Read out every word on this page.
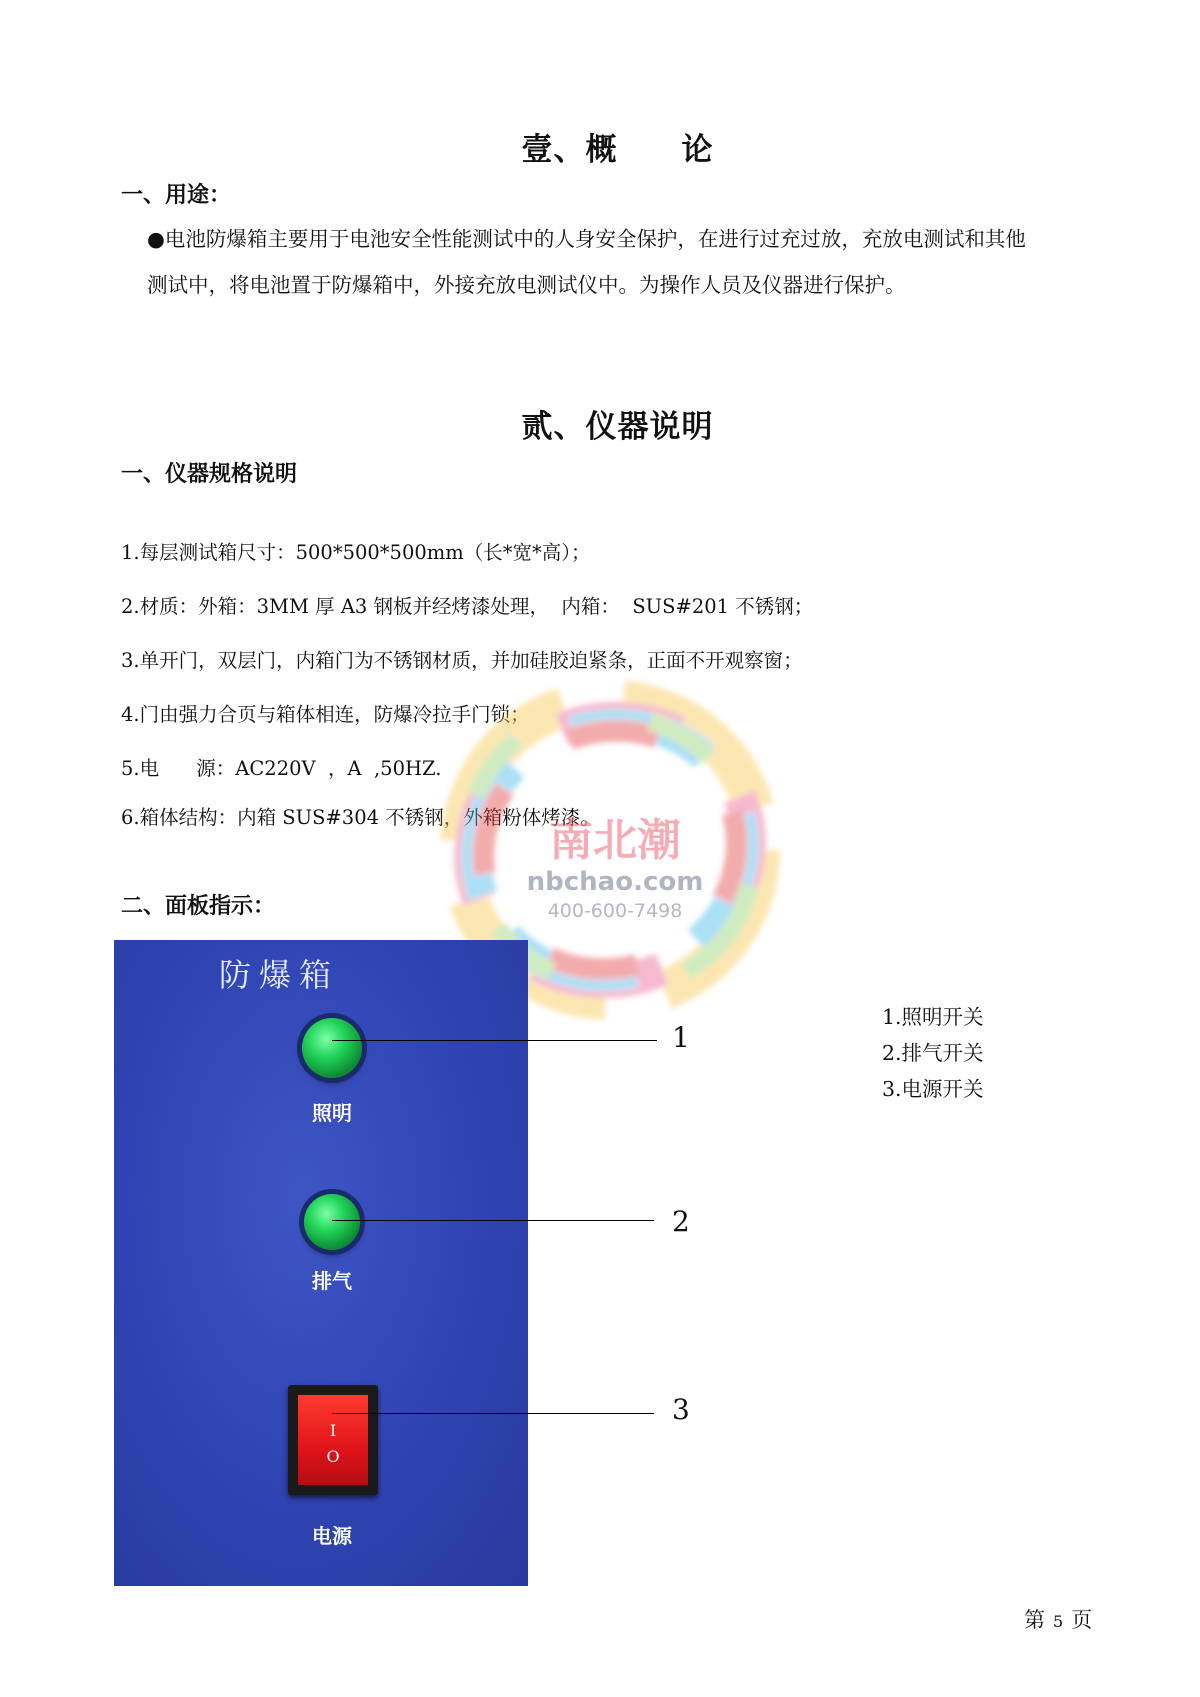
壹、概　　论
一、用途：
●电池防爆箱主要用于电池安全性能测试中的人身安全保护，在进行过充过放，充放电测试和其他
测试中，将电池置于防爆箱中，外接充放电测试仪中。为操作人员及仪器进行保护。
贰、仪器说明
一、仪器规格说明
1.每层测试箱尺寸：500*500*500mm（长*宽*高）；
2.材质：外箱：3MM 厚 A3 钢板并经烤漆处理，  内箱：  SUS#201 不锈钢；
3.单开门，双层门，内箱门为不锈钢材质，并加硅胶迫紧条，正面不开观察窗；
4.门由强力合页与箱体相连，防爆冷拉手门锁；
5.电      源：AC220V  ，A  ,50HZ.
6.箱体结构：内箱 SUS#304 不锈钢，外箱粉体烤漆。
南北潮
nbchao.com
400-600-7498
二、面板指示：
防爆箱
照明
排气
I
O
电源
1
2
3
1.照明开关
2.排气开关
3.电源开关
第 5 页
